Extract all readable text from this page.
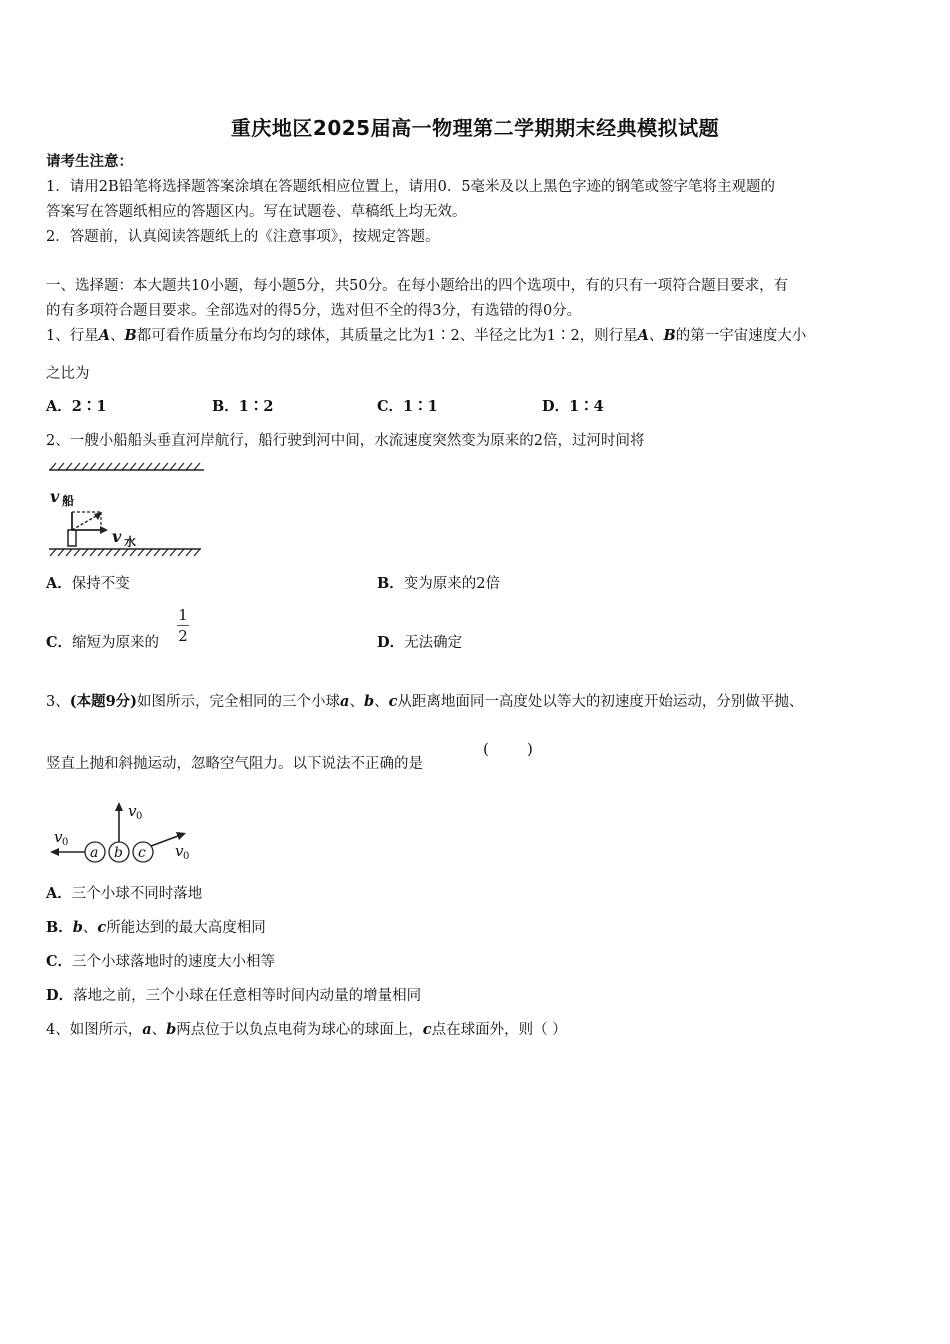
重庆地区2025届高一物理第二学期期末经典模拟试题
请考生注意：
1．请用2B铅笔将选择题答案涂填在答题纸相应位置上，请用0．5毫米及以上黑色字迹的钢笔或签字笔将主观题的
答案写在答题纸相应的答题区内。写在试题卷、草稿纸上均无效。
2．答题前，认真阅读答题纸上的《注意事项》，按规定答题。
一、选择题：本大题共10小题，每小题5分，共50分。在每小题给出的四个选项中，有的只有一项符合题目要求，有
的有多项符合题目要求。全部选对的得5分，选对但不全的得3分，有选错的得0分。
1、行星A、B都可看作质量分布均匀的球体，其质量之比为1∶2、半径之比为1∶2，则行星A、B的第一宇宙速度大小
之比为
A．2∶1	B．1∶2	C．1∶1	D．1∶4
2、一艘小船船头垂直河岸航行，船行驶到河中间，水流速度突然变为原来的2倍，过河时间将
v 船
v 水
A．保持不变	B．变为原来的2倍
C．缩短为原来的
1
2	D．无法确定
3、(本题9分)如图所示，完全相同的三个小球a、b、c从距离地面同一高度处以等大的初速度开始运动，分别做平抛、
竖直上抛和斜抛运动，忽略空气阻力。以下说法不正确的是
(        )
a b c
v 0
v 0
v 0
A．三个小球不同时落地
B．b、c所能达到的最大高度相同
C．三个小球落地时的速度大小相等
D．落地之前，三个小球在任意相等时间内动量的增量相同
4、如图所示，a、b两点位于以负点电荷为球心的球面上，c点在球面外，则（ ）
